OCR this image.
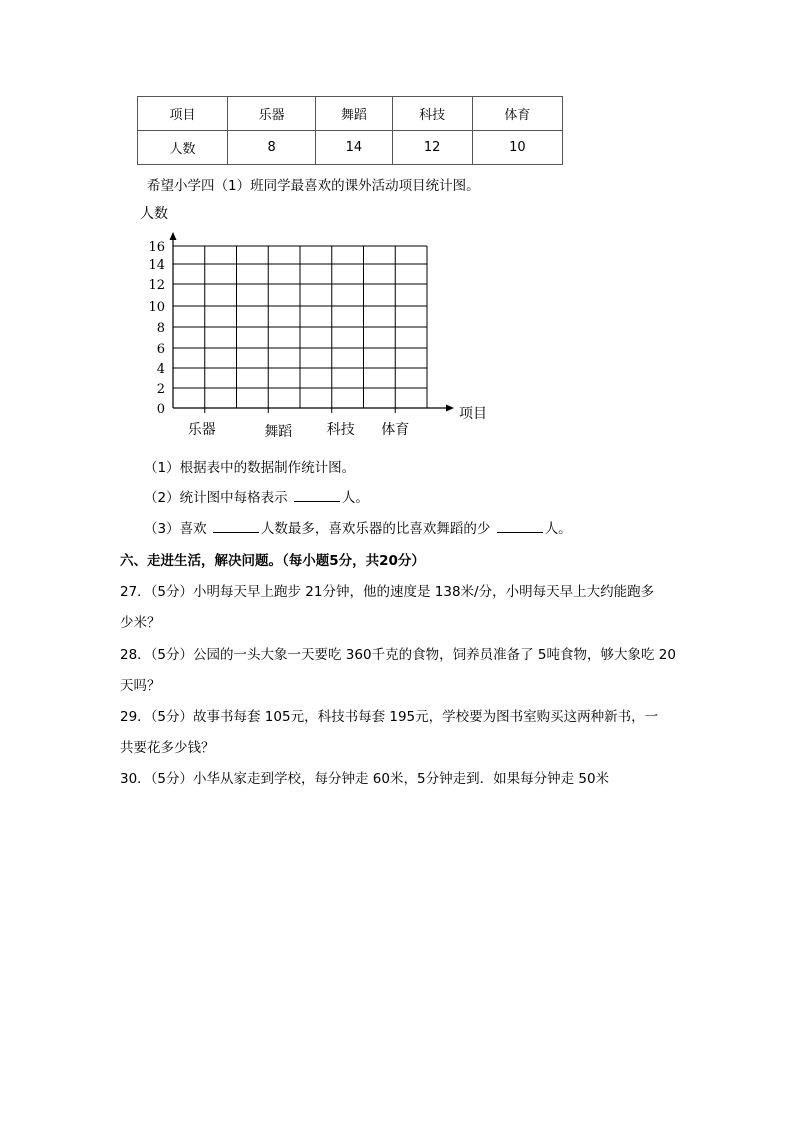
项目	乐器	舞蹈	科技	体育
人数	8	14	12	10
希望小学四（1）班同学最喜欢的课外活动项目统计图。
人数
0
2
4
6
8
10
12
14
16
乐器	舞蹈 科技 体育
项目
（1）根据表中的数据制作统计图。
（2）统计图中每格表示	人。
（3）喜欢	人数最多，喜欢乐器的比喜欢舞蹈的少	人。
六、走进生活，解决问题。（每小题5分，共20分）
27．（5分）小明每天早上跑步 21分钟，他的速度是 138米/分，小明每天早上大约能跑多
少米？
28．（5分）公园的一头大象一天要吃 360千克的食物，饲养员准备了 5吨食物，够大象吃 20
天吗？
29．（5分）故事书每套 105元，科技书每套 195元，学校要为图书室购买这两种新书，一
共要花多少钱？
30．（5分）小华从家走到学校，每分钟走 60米，5分钟走到．如果每分钟走 50米
